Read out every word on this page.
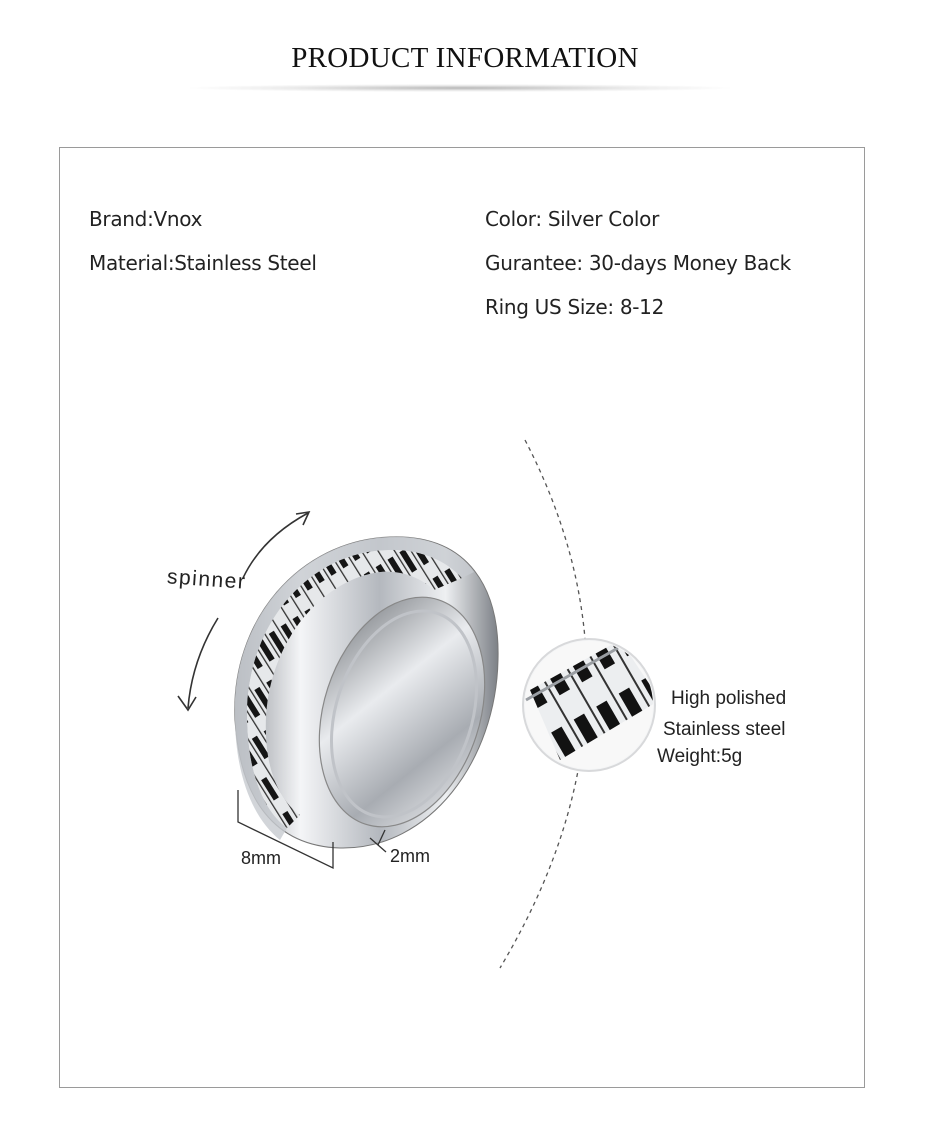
PRODUCT INFORMATION
Brand:Vnox
Material:Stainless Steel
Color: Silver Color
Gurantee: 30-days Money Back
Ring US Size: 8-12
spinner
8mm	2mm
High polished
Stainless steel
Weight:5g
